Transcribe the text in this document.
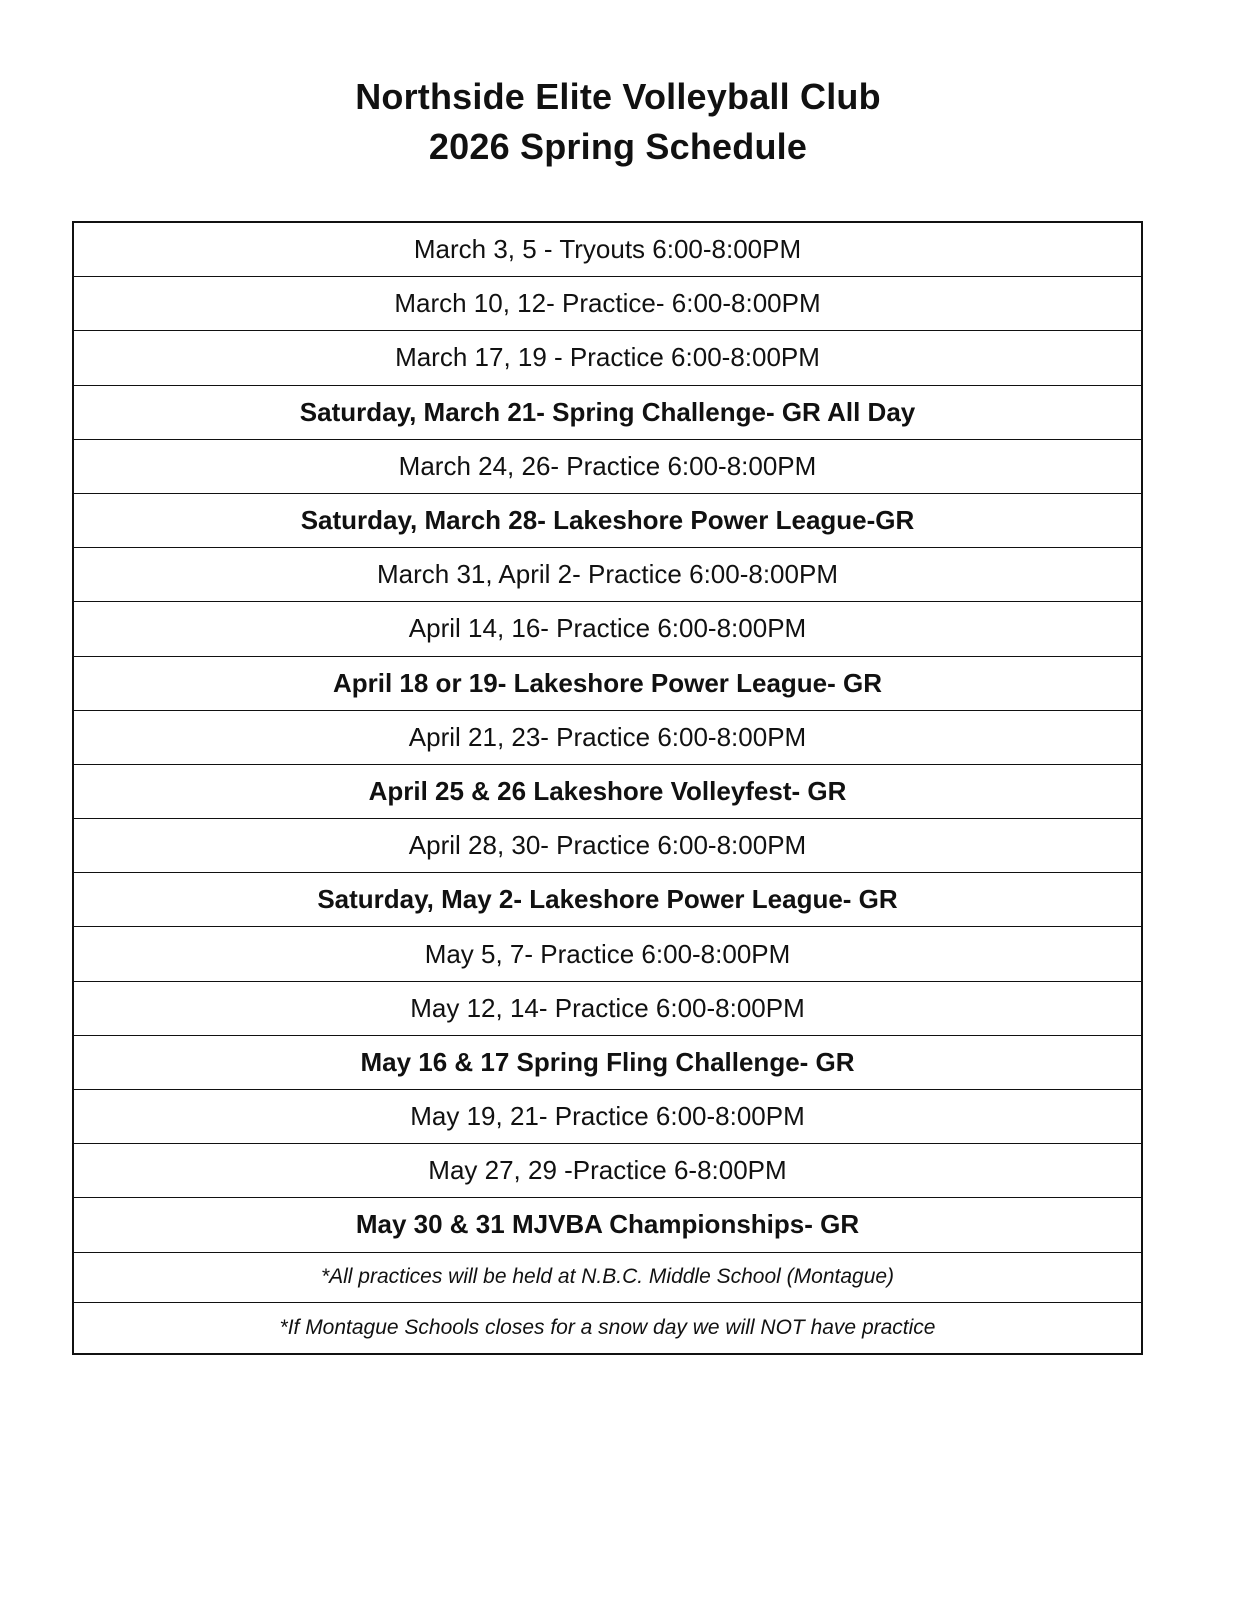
Northside Elite Volleyball Club
2026 Spring Schedule
March 3, 5 - Tryouts 6:00-8:00PM
March 10, 12- Practice- 6:00-8:00PM
March 17, 19 - Practice 6:00-8:00PM
Saturday, March 21- Spring Challenge- GR All Day
March 24, 26- Practice 6:00-8:00PM
Saturday, March 28- Lakeshore Power League-GR
March 31, April 2- Practice 6:00-8:00PM
April 14, 16- Practice 6:00-8:00PM
April 18 or 19- Lakeshore Power League- GR
April 21, 23- Practice 6:00-8:00PM
April 25 & 26 Lakeshore Volleyfest- GR
April 28, 30- Practice 6:00-8:00PM
Saturday, May 2- Lakeshore Power League- GR
May 5, 7- Practice 6:00-8:00PM
May 12, 14- Practice 6:00-8:00PM
May 16 & 17 Spring Fling Challenge- GR
May 19, 21- Practice 6:00-8:00PM
May 27, 29 -Practice 6-8:00PM
May 30 & 31 MJVBA Championships- GR
*All practices will be held at N.B.C. Middle School (Montague)
*If Montague Schools closes for a snow day we will NOT have practice
